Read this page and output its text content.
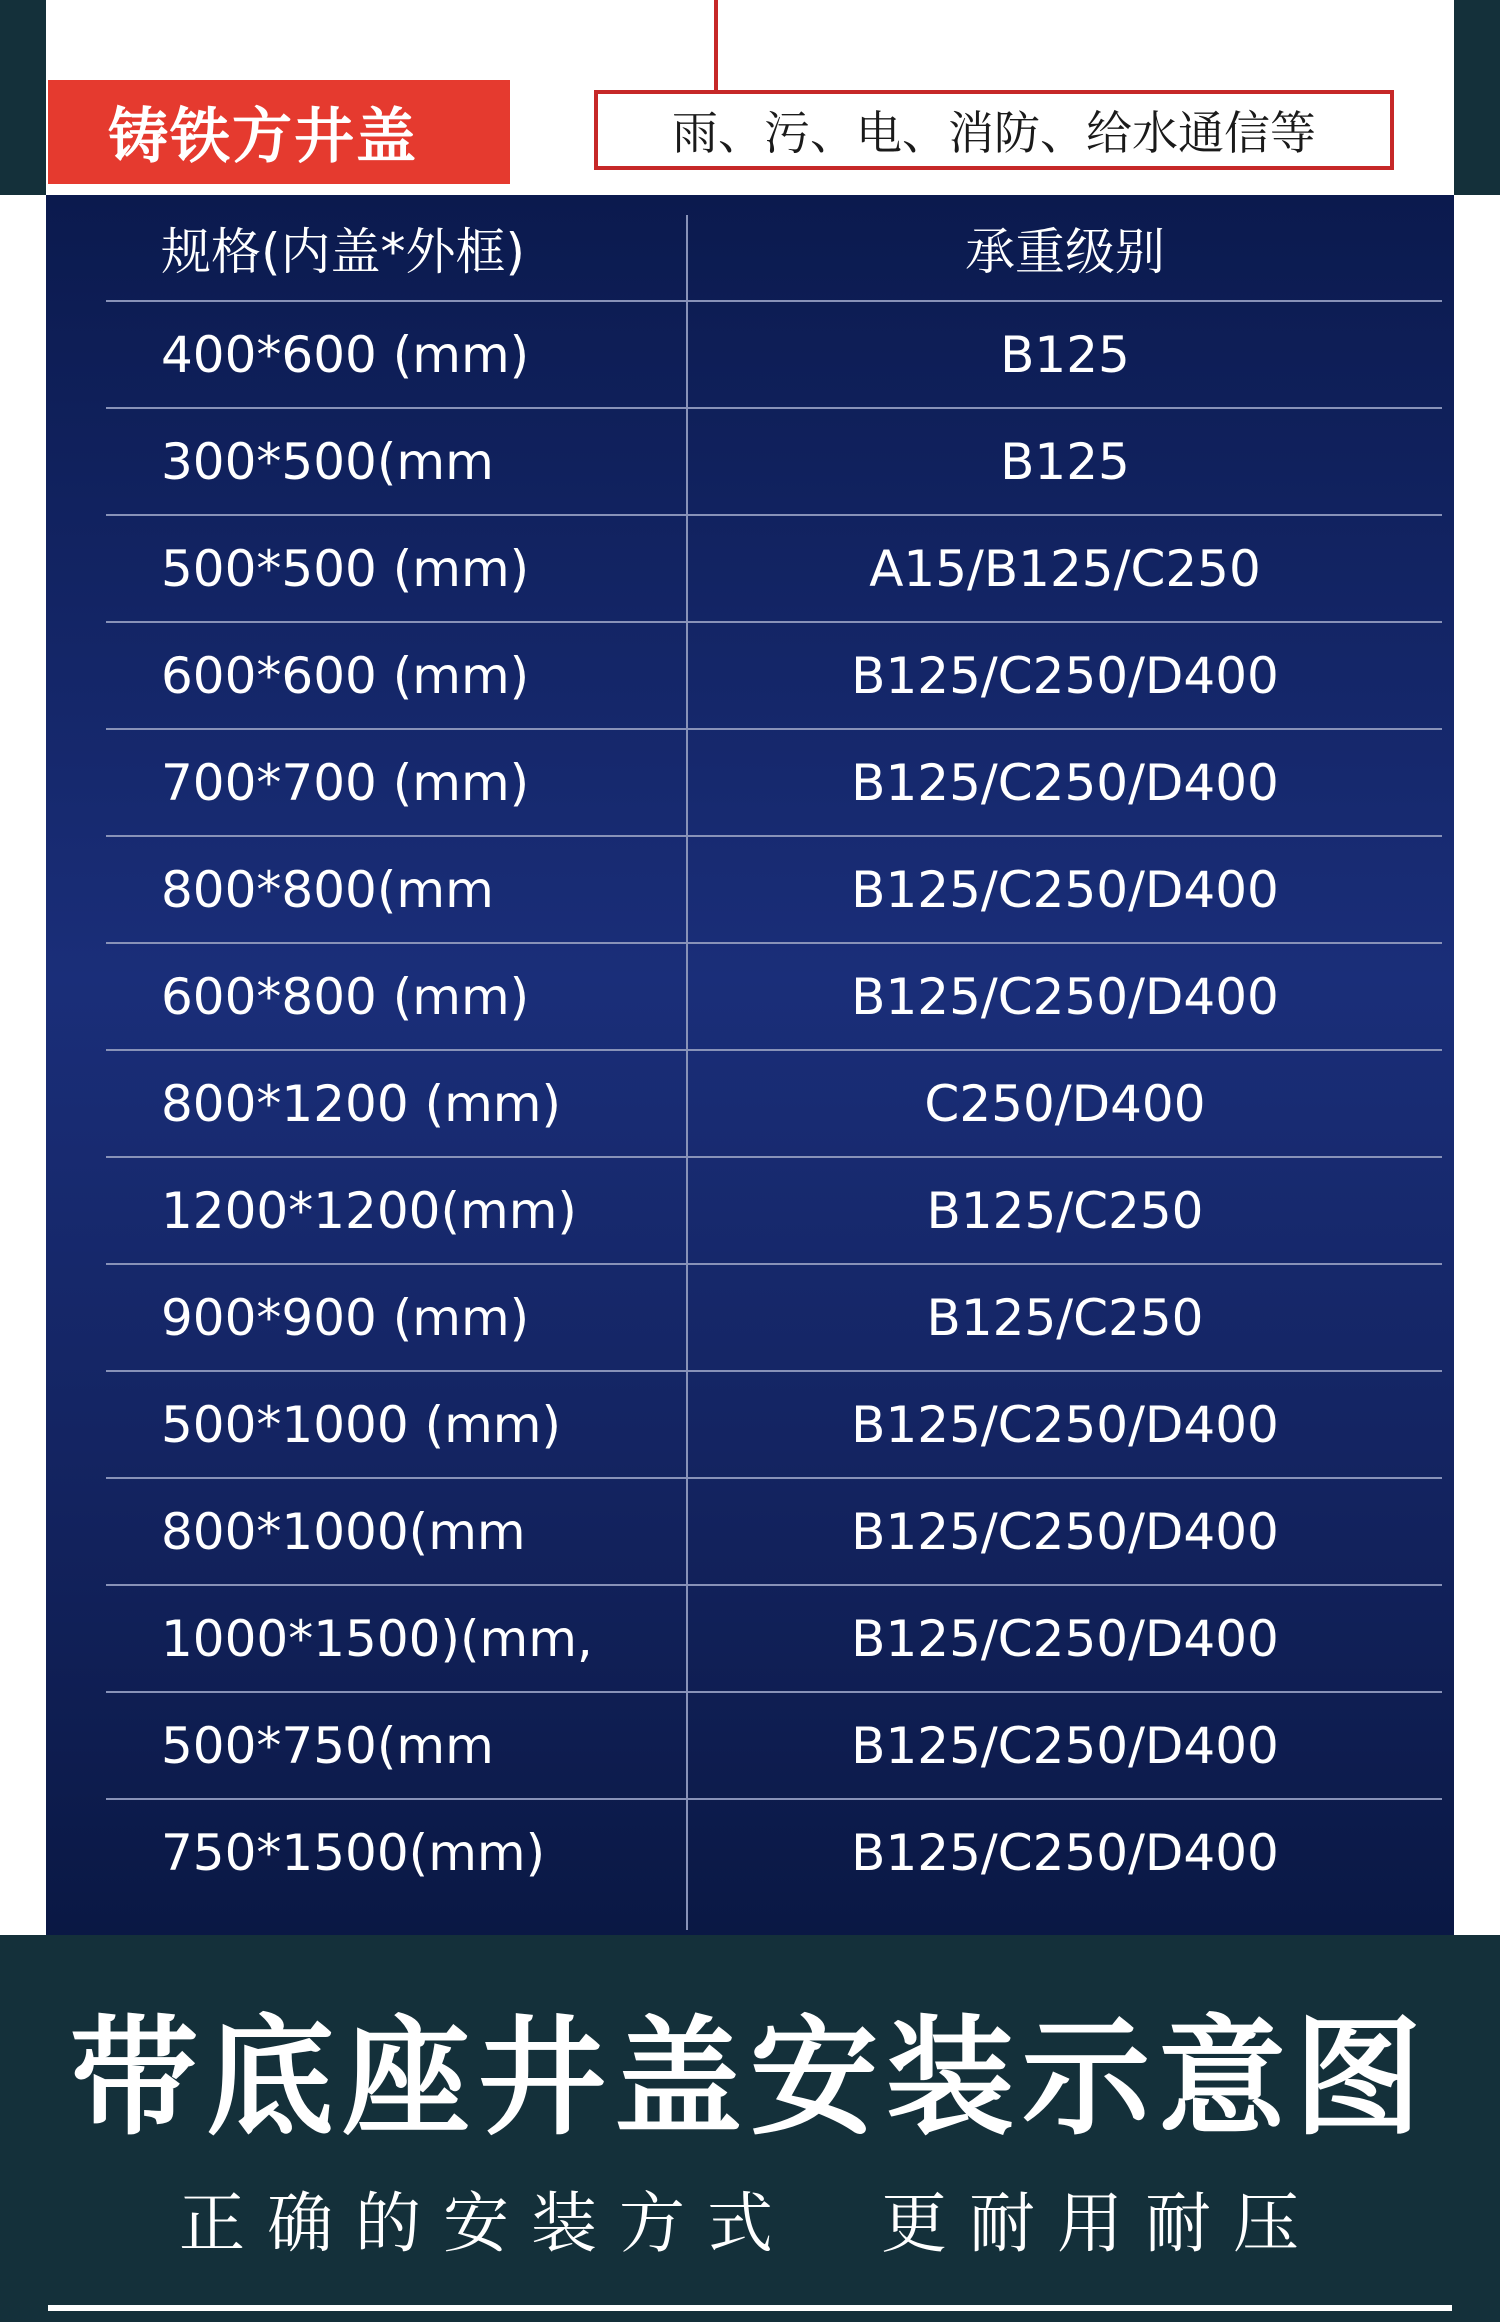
铸铁方井盖	雨、污、电、消防、给水通信等
规格(内盖*外框)	承重级别
400*600 (mm)	B125
300*500(mm	B125
500*500 (mm)	A15/B125/C250
600*600 (mm)	B125/C250/D400
700*700 (mm)	B125/C250/D400
800*800(mm	B125/C250/D400
600*800 (mm)	B125/C250/D400
800*1200 (mm)	C250/D400
1200*1200(mm)	B125/C250
900*900 (mm)	B125/C250
500*1000 (mm)	B125/C250/D400
800*1000(mm	B125/C250/D400
1000*1500)(mm,	B125/C250/D400
500*750(mm	B125/C250/D400
750*1500(mm)	B125/C250/D400
带底座井盖安装示意图
正确的安装方式  更耐用耐压
